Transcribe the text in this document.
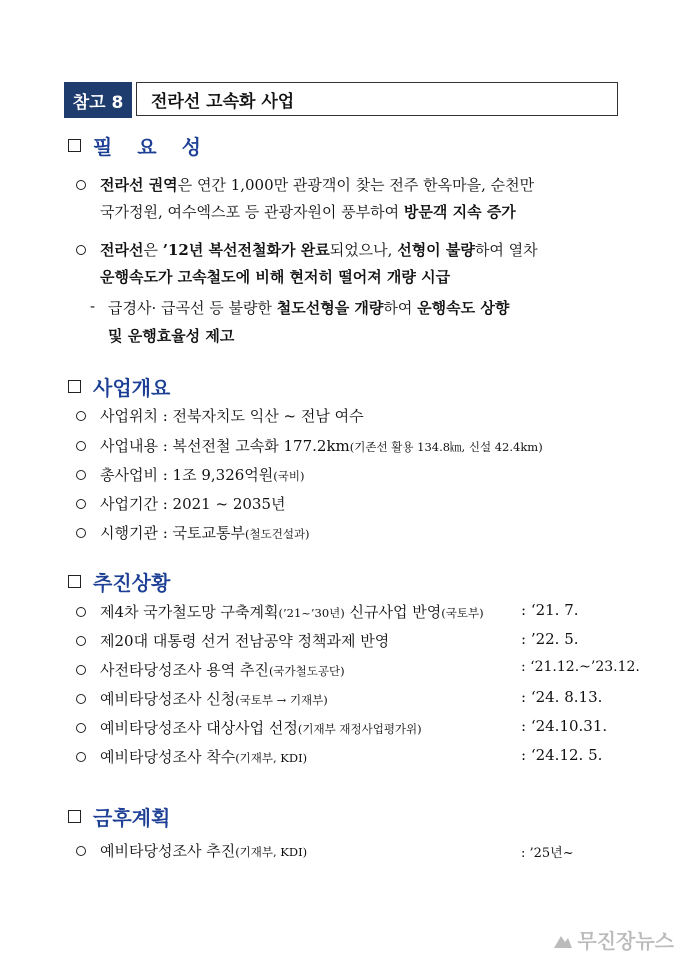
참고 8	전라선 고속화 사업
필 요 성
전라선 권역은 연간 1,000만 관광객이 찾는 전주 한옥마을, 순천만
국가정원, 여수엑스포 등 관광자원이 풍부하여 방문객 지속 증가
전라선은 ’12년 복선전철화가 완료되었으나, 선형이 불량하여 열차
운행속도가 고속철도에 비해 현저히 떨어져 개량 시급
- 급경사· 급곡선 등 불량한 철도선형을 개량하여 운행속도 상향
및 운행효율성 제고
사업개요
사업위치 : 전북자치도 익산 ~ 전남 여수
사업내용 : 복선전철 고속화 177.2km(기존선 활용 134.8㎞, 신설 42.4km)
총사업비 : 1조 9,326억원(국비)
사업기간 : 2021 ~ 2035년
시행기관 : 국토교통부(철도건설과)
추진상황
제4차 국가철도망 구축계획(’21~’30년) 신규사업 반영(국토부) : ‘21. 7.
제20대 대통령 선거 전남공약 정책과제 반영	: ’22. 5.
사전타당성조사 용역 추진(국가철도공단)	: ‘21.12.~’23.12.
예비타당성조사 신청(국토부 → 기재부)	: ‘24. 8.13.
예비타당성조사 대상사업 선정(기재부 재정사업평가위)	: ‘24.10.31.
예비타당성조사 착수(기재부, KDI)	: ‘24.12. 5.
금후계획
예비타당성조사 추진(기재부, KDI)	: ’25년~
무진장뉴스
